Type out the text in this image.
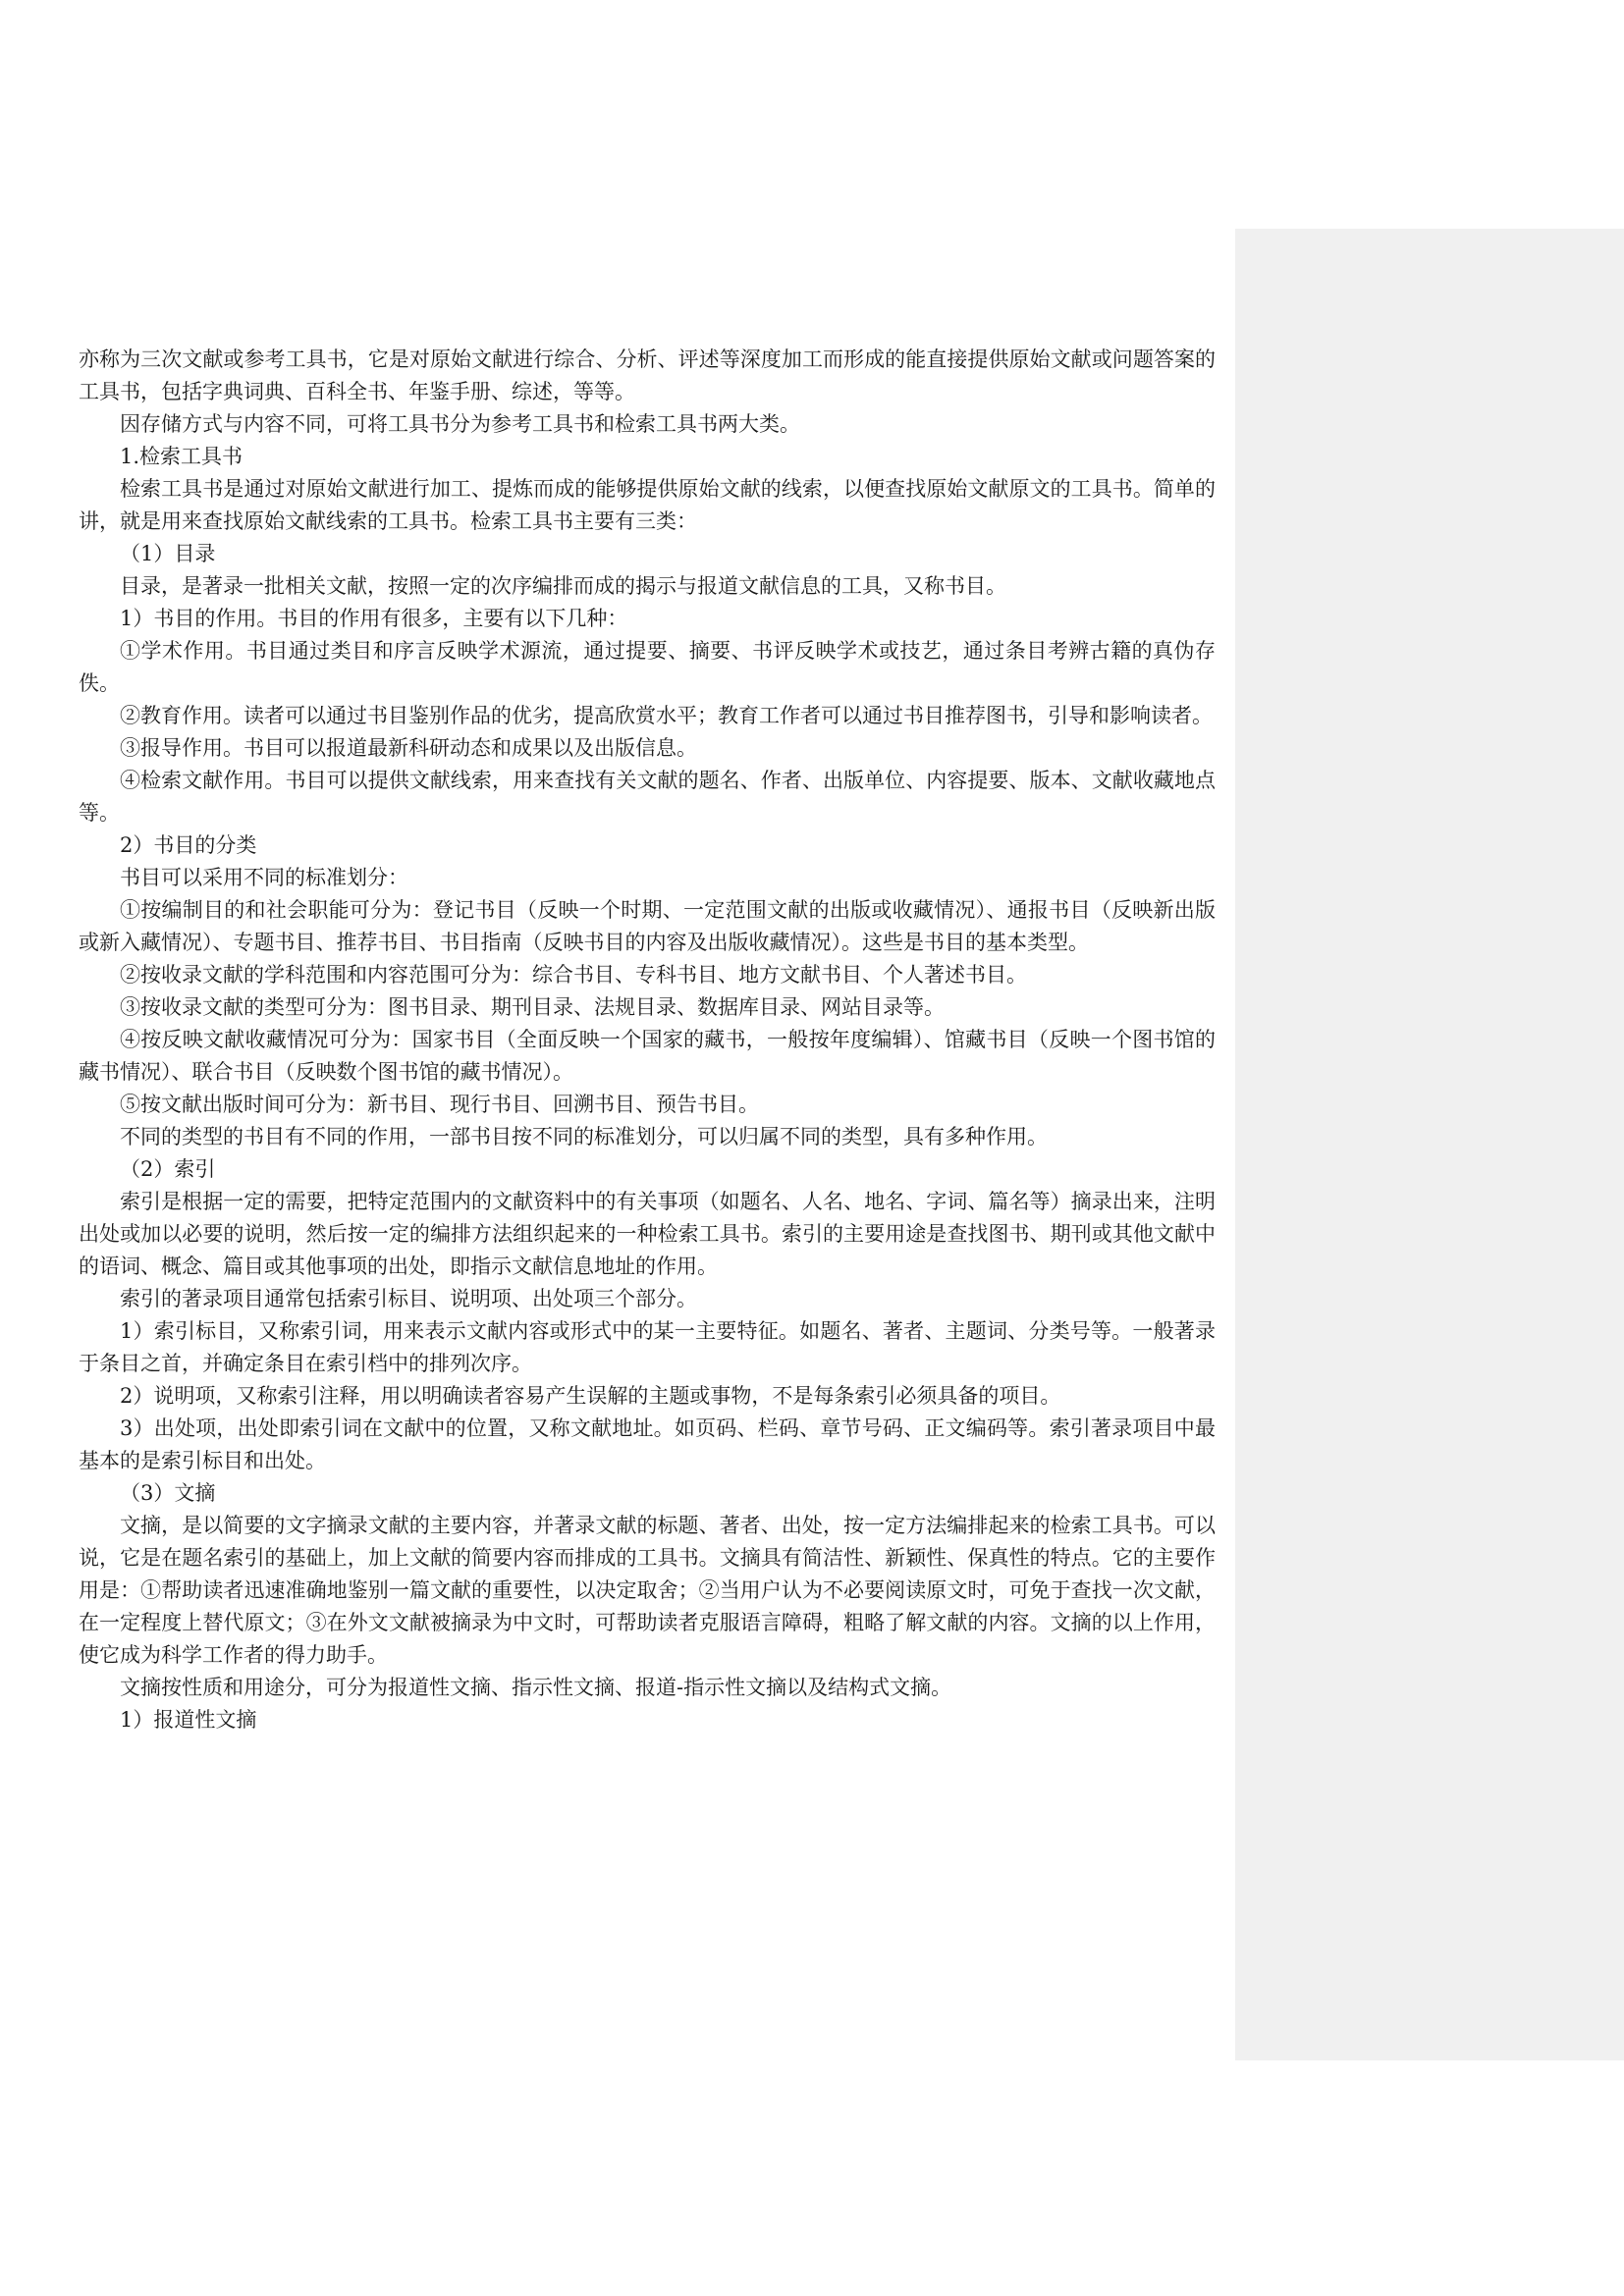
亦称为三次文献或参考工具书，它是对原始文献进行综合、分析、评述等深度加工而形成的能直接提供原始文献或问题答案的工具书，包括字典词典、百科全书、年鉴手册、综述，等等。

因存储方式与内容不同，可将工具书分为参考工具书和检索工具书两大类。

1.检索工具书

检索工具书是通过对原始文献进行加工、提炼而成的能够提供原始文献的线索，以便查找原始文献原文的工具书。简单的讲，就是用来查找原始文献线索的工具书。检索工具书主要有三类：

（1）目录

目录，是著录一批相关文献，按照一定的次序编排而成的揭示与报道文献信息的工具，又称书目。

1）书目的作用。书目的作用有很多，主要有以下几种：

①学术作用。书目通过类目和序言反映学术源流，通过提要、摘要、书评反映学术或技艺，通过条目考辨古籍的真伪存佚。

②教育作用。读者可以通过书目鉴别作品的优劣，提高欣赏水平；教育工作者可以通过书目推荐图书，引导和影响读者。

③报导作用。书目可以报道最新科研动态和成果以及出版信息。

④检索文献作用。书目可以提供文献线索，用来查找有关文献的题名、作者、出版单位、内容提要、版本、文献收藏地点等。

2）书目的分类

书目可以采用不同的标准划分：

①按编制目的和社会职能可分为：登记书目（反映一个时期、一定范围文献的出版或收藏情况）、通报书目（反映新出版或新入藏情况）、专题书目、推荐书目、书目指南（反映书目的内容及出版收藏情况）。这些是书目的基本类型。

②按收录文献的学科范围和内容范围可分为：综合书目、专科书目、地方文献书目、个人著述书目。

③按收录文献的类型可分为：图书目录、期刊目录、法规目录、数据库目录、网站目录等。

④按反映文献收藏情况可分为：国家书目（全面反映一个国家的藏书，一般按年度编辑）、馆藏书目（反映一个图书馆的藏书情况）、联合书目（反映数个图书馆的藏书情况）。

⑤按文献出版时间可分为：新书目、现行书目、回溯书目、预告书目。

不同的类型的书目有不同的作用，一部书目按不同的标准划分，可以归属不同的类型，具有多种作用。

（2）索引

索引是根据一定的需要，把特定范围内的文献资料中的有关事项（如题名、人名、地名、字词、篇名等）摘录出来，注明出处或加以必要的说明，然后按一定的编排方法组织起来的一种检索工具书。索引的主要用途是查找图书、期刊或其他文献中的语词、概念、篇目或其他事项的出处，即指示文献信息地址的作用。

索引的著录项目通常包括索引标目、说明项、出处项三个部分。

1）索引标目，又称索引词，用来表示文献内容或形式中的某一主要特征。如题名、著者、主题词、分类号等。一般著录于条目之首，并确定条目在索引档中的排列次序。

2）说明项，又称索引注释，用以明确读者容易产生误解的主题或事物，不是每条索引必须具备的项目。

3）出处项，出处即索引词在文献中的位置，又称文献地址。如页码、栏码、章节号码、正文编码等。索引著录项目中最基本的是索引标目和出处。

（3）文摘

文摘，是以简要的文字摘录文献的主要内容，并著录文献的标题、著者、出处，按一定方法编排起来的检索工具书。可以说，它是在题名索引的基础上，加上文献的简要内容而排成的工具书。文摘具有简洁性、新颖性、保真性的特点。它的主要作用是：①帮助读者迅速准确地鉴别一篇文献的重要性，以决定取舍；②当用户认为不必要阅读原文时，可免于查找一次文献，在一定程度上替代原文；③在外文文献被摘录为中文时，可帮助读者克服语言障碍，粗略了解文献的内容。文摘的以上作用，使它成为科学工作者的得力助手。

文摘按性质和用途分，可分为报道性文摘、指示性文摘、报道-指示性文摘以及结构式文摘。

1）报道性文摘
